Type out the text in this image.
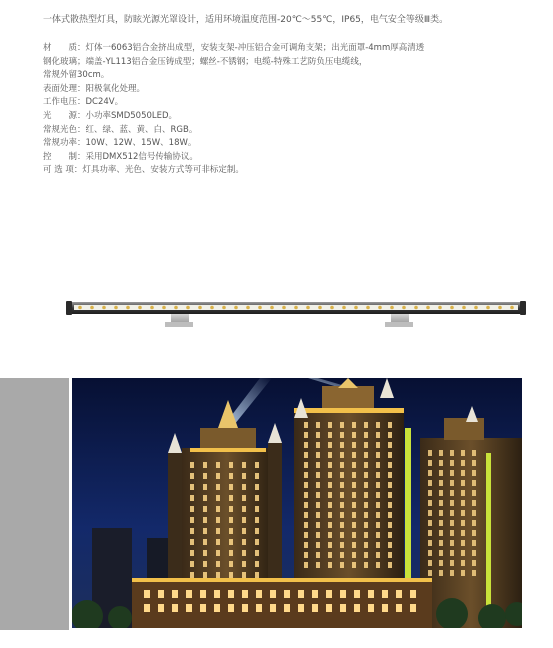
一体式散热型灯具，防眩光源光罩设计，适用环境温度范围-20℃～55℃，IP65，电气安全等级Ⅲ类。
材　　质：灯体一6063铝合金挤出成型，安装支架-冲压铝合金可调角支架；出光面罩-4mm厚高清透
钢化玻璃；端盖-YL113铝合金压铸成型；螺丝-不锈钢；电缆-特殊工艺防负压电缆线，
常规外留30cm。
表面处理：阳极氧化处理。
工作电压：DC24V。
光　　源：小功率SMD5050LED。
常规光色：红、绿、蓝、黄、白、RGB。
常规功率：10W、12W、15W、18W。
控　　制：采用DMX512信号传输协议。
可 选 项：灯具功率、光色、安装方式等可非标定制。
